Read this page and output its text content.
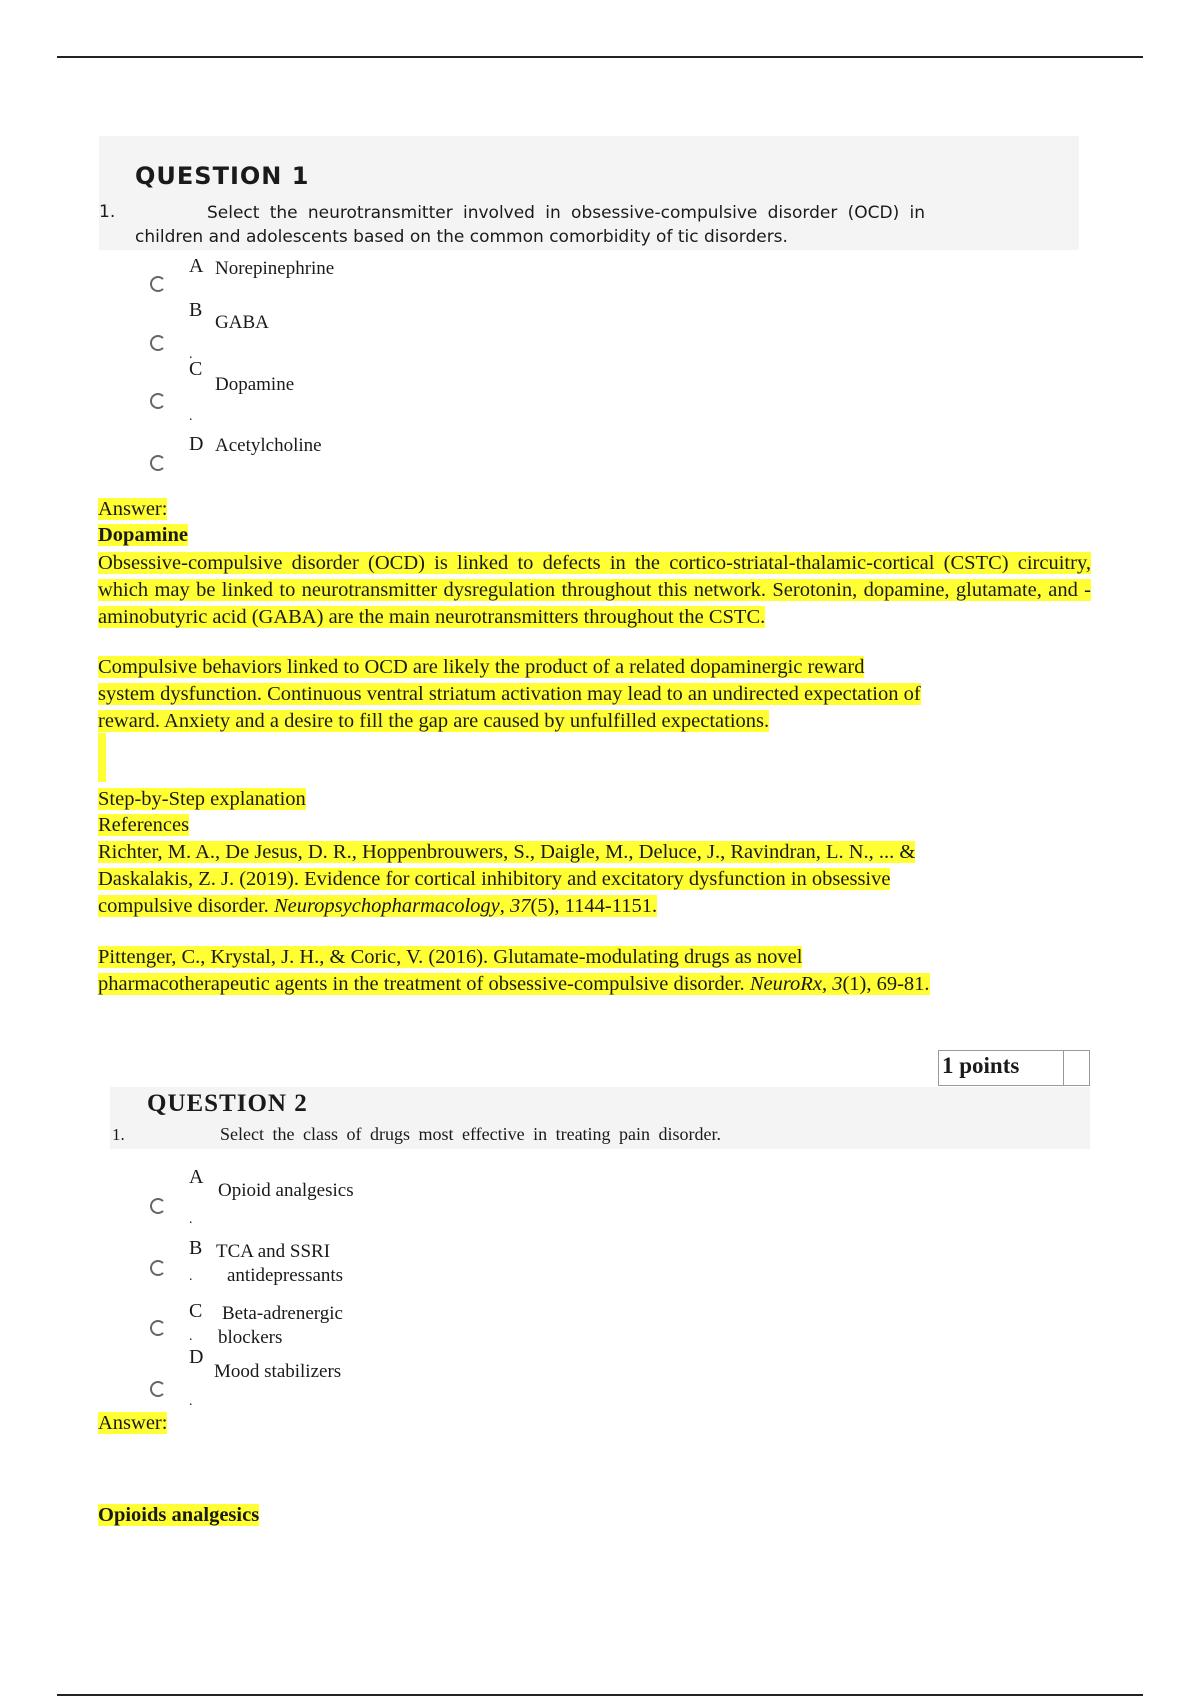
QUESTION 1
1.	Select the neurotransmitter involved in obsessive-compulsive disorder (OCD) in children and adolescents based on the common comorbidity of tic disorders.
A Norepinephrine
B
GABA
.
C
Dopamine
.
D Acetylcholine
Answer:
Dopamine
Obsessive-compulsive disorder (OCD) is linked to defects in the cortico-striatal-thalamic-cortical (CSTC) circuitry, which may be linked to neurotransmitter dysregulation throughout this network. Serotonin, dopamine, glutamate, and -aminobutyric acid (GABA) are the main neurotransmitters throughout the CSTC.
Compulsive behaviors linked to OCD are likely the product of a related dopaminergic reward
system dysfunction. Continuous ventral striatum activation may lead to an undirected expectation of
reward. Anxiety and a desire to fill the gap are caused by unfulfilled expectations.
Step-by-Step explanation
References
Richter, M. A., De Jesus, D. R., Hoppenbrouwers, S., Daigle, M., Deluce, J., Ravindran, L. N., ... &
Daskalakis, Z. J. (2019). Evidence for cortical inhibitory and excitatory dysfunction in obsessive
compulsive disorder. Neuropsychopharmacology, 37(5), 1144-1151.
Pittenger, C., Krystal, J. H., & Coric, V. (2016). Glutamate-modulating drugs as novel
pharmacotherapeutic agents in the treatment of obsessive-compulsive disorder. NeuroRx, 3(1), 69-81.
1 points
QUESTION 2
1.	Select the class of drugs most effective in treating pain disorder.
A
Opioid analgesics
.
B TCA and SSRI
antidepressants
.
C Beta-adrenergic
blockers
.
D
Mood stabilizers
.
Answer:
Opioids analgesics
